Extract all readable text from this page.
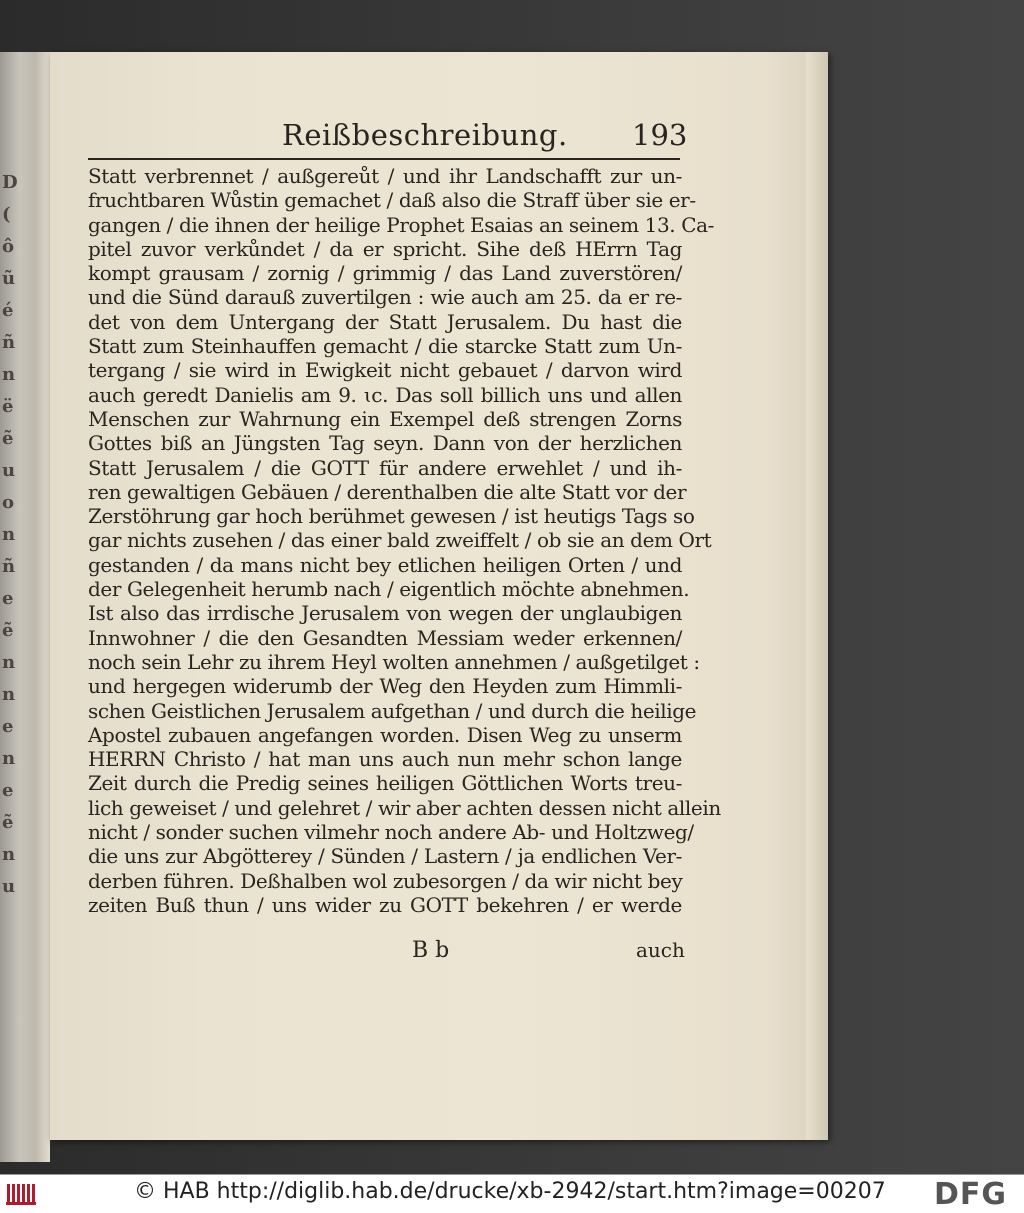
D
(
ô
ũ
é
ñ
n
ë
ẽ
u
o
n
ñ
e
ẽ
n
n
e
n
e
ẽ
n
u
Reißbeschreibung. 193
Statt verbrennet / außgereůt / und ihr Landschafft zur un-
fruchtbaren Wůstin gemachet / daß also die Straff über sie er-
gangen / die ihnen der heilige Prophet Esaias an seinem 13. Ca-
pitel zuvor verkůndet / da er spricht. Sihe deß HErrn Tag
kompt grausam / zornig / grimmig / das Land zuverstören/
und die Sünd darauß zuvertilgen : wie auch am 25. da er re-
det von dem Untergang der Statt Jerusalem. Du hast die
Statt zum Steinhauffen gemacht / die starcke Statt zum Un-
tergang / sie wird in Ewigkeit nicht gebauet / darvon wird
auch geredt Danielis am 9. ɩc. Das soll billich uns und allen
Menschen zur Wahrnung ein Exempel deß strengen Zorns
Gottes biß an Jüngsten Tag seyn. Dann von der herzlichen
Statt Jerusalem / die GOTT für andere erwehlet / und ih-
ren gewaltigen Gebäuen / derenthalben die alte Statt vor der
Zerstöhrung gar hoch berühmet gewesen / ist heutigs Tags so
gar nichts zusehen / das einer bald zweiffelt / ob sie an dem Ort
gestanden / da mans nicht bey etlichen heiligen Orten / und
der Gelegenheit herumb nach / eigentlich möchte abnehmen.
Ist also das irrdische Jerusalem von wegen der unglaubigen
Innwohner / die den Gesandten Messiam weder erkennen/
noch sein Lehr zu ihrem Heyl wolten annehmen / außgetilget :
und hergegen widerumb der Weg den Heyden zum Himmli-
schen Geistlichen Jerusalem aufgethan / und durch die heilige
Apostel zubauen angefangen worden. Disen Weg zu unserm
HERRN Christo / hat man uns auch nun mehr schon lange
Zeit durch die Predig seines heiligen Göttlichen Worts treu-
lich geweiset / und gelehret / wir aber achten dessen nicht allein
nicht / sonder suchen vilmehr noch andere Ab- und Holtzweg/
die uns zur Abgötterey / Sünden / Lastern / ja endlichen Ver-
derben führen. Deßhalben wol zubesorgen / da wir nicht bey
zeiten Buß thun / uns wider zu GOTT bekehren / er werde
B b	auch
© HAB http://diglib.hab.de/drucke/xb-2942/start.htm?image=00207 DFG
